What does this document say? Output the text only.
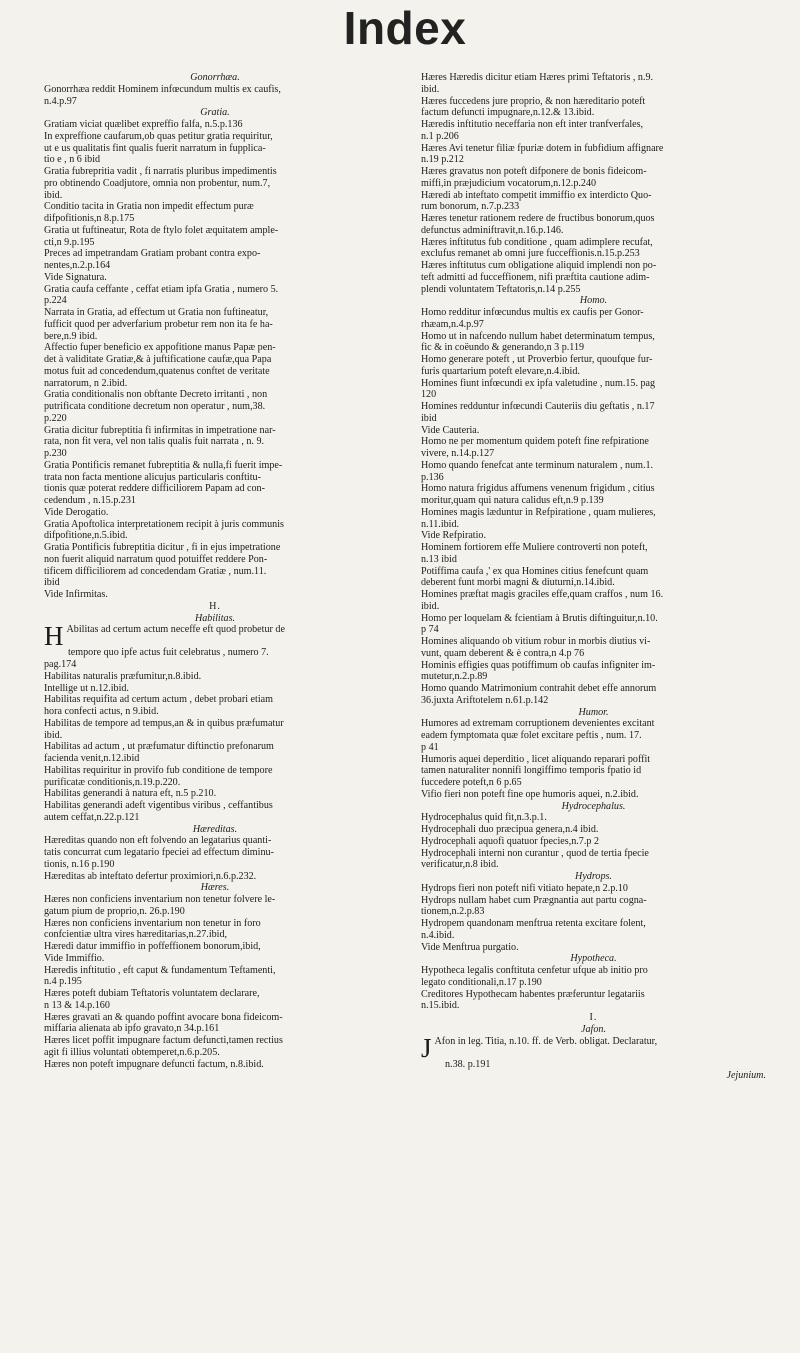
Index
Gonorrhæa.
Gonorrhæa reddit Hominem infœcundum multis ex caufis,
n.4.p.97
Gratia.
Gratiam viciat quælibet expreffio falfa, n.5.p.136
In expreffione caufarum,ob quas petitur gratia requiritur,
ut e us qualitatis fint qualis fuerit narratum in fupplica-
tio e , n 6 ibid
Gratia fubrepritia vadit , fi narratis pluribus impedimentis
pro obtinendo Coadjutore, omnia non probentur, num.7,
ibid.
Conditio tacita in Gratia non impedit effectum puræ
difpofitionis,n 8.p.175
Gratia ut fuftineatur, Rota de ftylo folet æquitatem ample-
cti,n 9.p.195
Preces ad impetrandam Gratiam probant contra expo-
nentes,n.2.p.164
Vide Signatura.
Gratia caufa ceffante , ceffat etiam ipfa Gratia , numero 5.
p.224
Narrata in Gratia, ad effectum ut Gratia non fuftineatur,
fufficit quod per adverfarium probetur rem non ita fe ha-
bere,n.9 ibid.
Affectio fuper beneficio ex appofitione manus Papæ pen-
det à validitate Gratiæ,& à juftificatione caufæ,qua Papa
motus fuit ad concedendum,quatenus conftet de veritate
narratorum, n 2.ibid.
Gratia conditionalis non obftante Decreto irritanti , non
putrificata conditione decretum non operatur , num,38.
p.220
Gratia dicitur fubreptitia fi infirmitas in impetratione nar-
rata, non fit vera, vel non talis qualis fuit narrata , n. 9.
p.230
Gratia Pontificis remanet fubreptitia & nulla,fi fuerit impe-
trata non facta mentione alicujus particularis conftitu-
tionis quæ poterat reddere difficiliorem Papam ad con-
cedendum , n.15.p.231
Vide Derogatio.
Gratia Apoftolica interpretationem recipit à juris communis
difpofitione,n.5.ibid.
Gratia Pontificis fubreptitia dicitur , fi in ejus impetratione
non fuerit aliquid narratum quod potuiffet reddere Pon-
tificem difficiliorem ad concedendam Gratiæ , num.11.
ibid
Vide Infirmitas.
H.
Habilitas.
H Abilitas ad certum actum neceffe eft quod probetur de
tempore quo ipfe actus fuit celebratus , numero 7.
pag.174
Habilitas naturalis præfumitur,n.8.ibid.
Intellige ut n.12.ibid.
Habilitas requifita ad certum actum , debet probari etiam
hora confecti actus, n 9.ibid.
Habilitas de tempore ad tempus,an & in quibus præfumatur
ibid.
Habilitas ad actum , ut præfumatur diftinctio prefonarum
facienda venit,n.12.ibid
Habilitas requiritur in provifo fub conditione de tempore
purificatæ conditionis,n.19.p.220.
Habilitas generandi à natura eft, n.5 p.210.
Habilitas generandi adeft vigentibus viribus , ceffantibus
autem ceffat,n.22.p.121
Hæreditas.
Hæreditas quando non eft folvendo an legatarius quanti-
tatis concurrat cum legatario fpeciei ad effectum diminu-
tionis, n.16 p.190
Hæreditas ab inteftato defertur proximiori,n.6.p.232.
Hæres.
Hæres non conficiens inventarium non tenetur folvere le-
gatum pium de proprio,n. 26.p.190
Hæres non conficiens inventarium non tenetur in foro
confcientiæ ultra vires hæreditarias,n.27.ibid,
Hæredi datur immiffio in poffeffionem bonorum,ibid,
Vide Immiffio.
Hæredis inftitutio , eft caput & fundamentum Teftamenti,
n.4 p.195
Hæres poteft dubiam Teftatoris voluntatem declarare,
n 13 & 14.p.160
Hæres gravati an & quando poffint avocare bona fideicom-
miffaria alienata ab ipfo gravato,n 34.p.161
Hæres licet poffit impugnare factum defuncti,tamen rectius
agit fi illius voluntati obtemperet,n.6.p.205.
Hæres non poteft impugnare defuncti factum, n.8.ibid.
Hæres Hæredis dicitur etiam Hæres primi Teftatoris , n.9.
ibid.
Hæres fuccedens jure proprio, & non hæreditario poteft
factum defuncti impugnare,n.12.& 13.ibid.
Hæredis inftitutio neceffaria non eft inter tranfverfales,
n.1 p.206
Hæres Avi tenetur filiæ fpuriæ dotem in fubfidium affignare
n.19 p.212
Hæres gravatus non poteft difponere de bonis fideicom-
miffi,in præjudicium vocatorum,n.12.p.240
Hæredi ab inteftato competit immiffio ex interdicto Quo-
rum bonorum, n.7.p.233
Hæres tenetur rationem redere de fructibus bonorum,quos
defunctus adminiftravit,n.16.p.146.
Hæres inftitutus fub conditione , quam adimplere recufat,
exclufus remanet ab omni jure fucceffionis.n.15.p.253
Hæres inftitutus cum obligatione aliquid implendi non po-
teft admitti ad fucceffionem, nifi præftita cautione adim-
plendi voluntatem Teftatoris,n.14 p.255
Homo.
Homo redditur infœcundus multis ex caufis per Gonor-
rhæam,n.4.p.97
Homo ut in nafcendo nullum habet determinatum tempus,
fic & in coëundo & generando,n 3 p.119
Homo generare poteft , ut Proverbio fertur, quoufque fur-
furis quartarium poteft elevare,n.4.ibid.
Homines fiunt infœcundi ex ipfa valetudine , num.15. pag
120
Homines redduntur infœcundi Cauteriis diu geftatis , n.17
ibid
Vide Cauteria.
Homo ne per momentum quidem poteft fine refpiratione
vivere, n.14.p.127
Homo quando fenefcat ante terminum naturalem , num.1.
p.136
Homo natura frigidus affumens venenum frigidum , citius
moritur,quam qui natura calidus eft,n.9 p.139
Homines magis læduntur in Refpiratione , quam mulieres,
n.11.ibid.
Vide Refpiratio.
Hominem fortiorem effe Muliere controverti non poteft,
n.13 ibid
Potiffima caufa ,' ex qua Homines citius fenefcunt quam
deberent funt morbi magni & diuturni,n.14.ibid.
Homines præftat magis graciles effe,quam craffos , num 16.
ibid.
Homo per loquelam & fcientiam à Brutis diftinguitur,n.10.
p 74
Homines aliquando ob vitium robur in morbis diutius vi-
vunt, quam deberent & è contra,n 4.p 76
Hominis effigies quas potiffimum ob caufas infigniter im-
mutetur,n.2.p.89
Homo quando Matrimonium contrahit debet effe annorum
36.juxta Ariftotelem n.61.p.142
Humor.
Humores ad extremam corruptionem devenientes excitant
eadem fymptomata quæ folet excitare peftis , num. 17.
p 41
Humoris aquei deperditio , licet aliquando reparari poffit
tamen naturaliter nonnifi longiffimo temporis fpatio id
fuccedere poteft,n 6 p.65
Vifio fieri non poteft fine ope humoris aquei, n.2.ibid.
Hydrocephalus.
Hydrocephalus quid fit,n.3.p.1.
Hydrocephali duo præcipua genera,n.4 ibid.
Hydrocephali aquofi quatuor fpecies,n.7.p 2
Hydrocephali interni non curantur , quod de tertia fpecie
verificatur,n.8 ibid.
Hydrops.
Hydrops fieri non poteft nifi vitiato hepate,n 2.p.10
Hydrops nullam habet cum Prægnantia aut partu cogna-
tionem,n.2.p.83
Hydropem quandonam menftrua retenta excitare folent,
n.4.ibid.
Vide Menftrua purgatio.
Hypotheca.
Hypotheca legalis conftituta cenfetur ufque ab initio pro
legato conditionali,n.17 p.190
Creditores Hypothecam habentes præferuntur legatariis
n.15.ibid.
I.
Jafon.
J Afon in leg. Titia, n.10. ff. de Verb. obligat. Declaratur,
n.38. p.191
Jejunium.
